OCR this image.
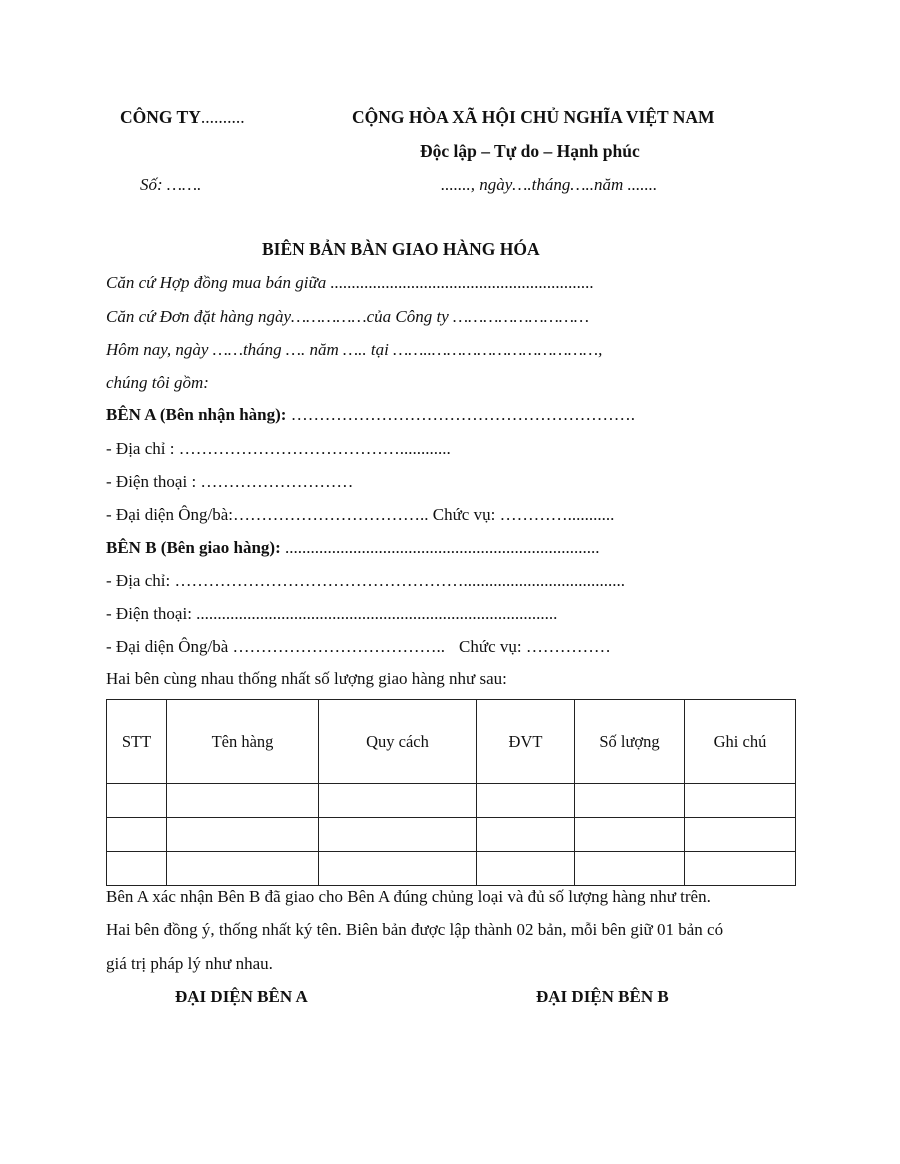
CÔNG TY..........	CỘNG HÒA XÃ HỘI CHỦ NGHĨA VIỆT NAM
Độc lập – Tự do – Hạnh phúc
Số: …….	......., ngày….tháng…..năm .......
BIÊN BẢN BÀN GIAO HÀNG HÓA
Căn cứ Hợp đồng mua bán giữa ..............................................................
Căn cứ Đơn đặt hàng ngày……………của Công ty ………………………
Hôm nay, ngày ……tháng …. năm ….. tại ……..……………………………,
chúng tôi gồm:
BÊN A (Bên nhận hàng): …………………………………………………….
- Địa chỉ : …………………………………............
- Điện thoại : ………………………
- Đại diện Ông/bà:…………………………….. Chức vụ: …………...........
BÊN B (Bên giao hàng): ..........................................................................
- Địa chỉ: ……………………………………………......................................
- Điện thoại: .....................................................................................
- Đại diện Ông/bà ……………………………….. Chức vụ: ……………
Hai bên cùng nhau thống nhất số lượng giao hàng như sau:
STT	Tên hàng	Quy cách	ĐVT	Số lượng	Ghi chú

Bên A xác nhận Bên B đã giao cho Bên A đúng chủng loại và đủ số lượng hàng như trên.
Hai bên đồng ý, thống nhất ký tên. Biên bản được lập thành 02 bản, mỗi bên giữ 01 bản có
giá trị pháp lý như nhau.
ĐẠI DIỆN BÊN A	ĐẠI DIỆN BÊN B
